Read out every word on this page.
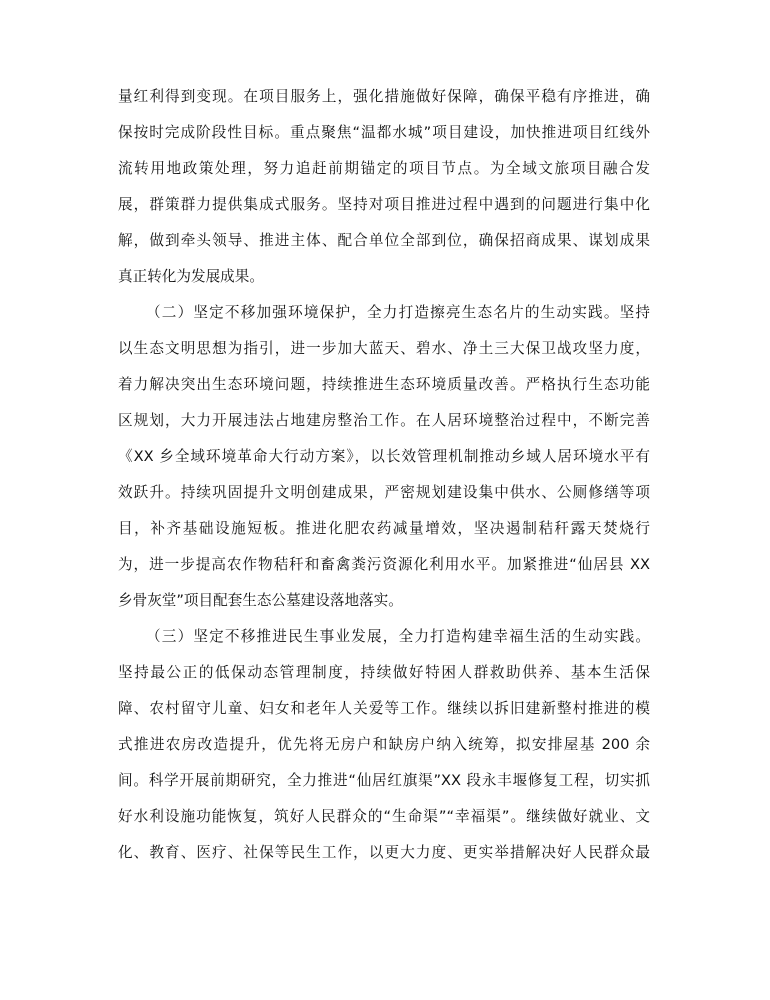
量红利得到变现。在项目服务上，强化措施做好保障，确保平稳有序推进，确
保按时完成阶段性目标。重点聚焦“温都水城”项目建设，加快推进项目红线外
流转用地政策处理，努力追赶前期锚定的项目节点。为全域文旅项目融合发
展，群策群力提供集成式服务。坚持对项目推进过程中遇到的问题进行集中化
解，做到牵头领导、推进主体、配合单位全部到位，确保招商成果、谋划成果
真正转化为发展成果。
（二）坚定不移加强环境保护，全力打造擦亮生态名片的生动实践。坚持
以生态文明思想为指引，进一步加大蓝天、碧水、净土三大保卫战攻坚力度，
着力解决突出生态环境问题，持续推进生态环境质量改善。严格执行生态功能
区规划，大力开展违法占地建房整治工作。在人居环境整治过程中，不断完善
《XX 乡全域环境革命大行动方案》，以长效管理机制推动乡域人居环境水平有
效跃升。持续巩固提升文明创建成果，严密规划建设集中供水、公厕修缮等项
目，补齐基础设施短板。推进化肥农药减量增效，坚决遏制秸秆露天焚烧行
为，进一步提高农作物秸秆和畜禽粪污资源化利用水平。加紧推进“仙居县 XX
乡骨灰堂”项目配套生态公墓建设落地落实。
（三）坚定不移推进民生事业发展，全力打造构建幸福生活的生动实践。
坚持最公正的低保动态管理制度，持续做好特困人群救助供养、基本生活保
障、农村留守儿童、妇女和老年人关爱等工作。继续以拆旧建新整村推进的模
式推进农房改造提升，优先将无房户和缺房户纳入统筹，拟安排屋基 200 余
间。科学开展前期研究，全力推进“仙居红旗渠”XX 段永丰堰修复工程，切实抓
好水利设施功能恢复，筑好人民群众的“生命渠”“幸福渠”。继续做好就业、文
化、教育、医疗、社保等民生工作，以更大力度、更实举措解决好人民群众最
